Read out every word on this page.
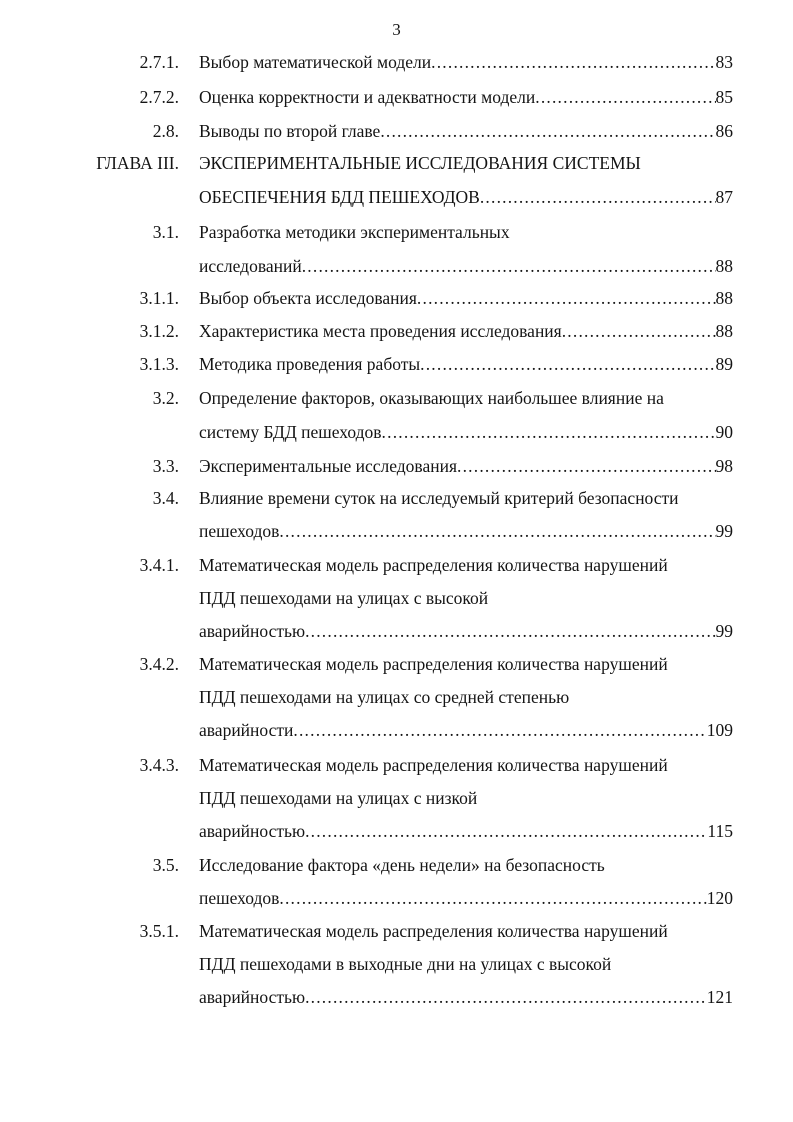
3
2.7.1. Выбор математической модели .....	83
2.7.2. Оценка корректности и адекватности модели .....	85
2.8. Выводы по второй главе .....	86
ГЛАВА III. ЭКСПЕРИМЕНТАЛЬНЫЕ ИССЛЕДОВАНИЯ СИСТЕМЫ
ОБЕСПЕЧЕНИЯ БДД ПЕШЕХОДОВ .....	87
3.1. Разработка методики экспериментальных
исследований .....	88
3.1.1. Выбор объекта исследования .....	88
3.1.2. Характеристика места проведения исследования .....	88
3.1.3. Методика проведения работы .....	89
3.2. Определение факторов, оказывающих наибольшее влияние на
систему БДД пешеходов .....	90
3.3. Экспериментальные исследования .....	98
3.4. Влияние времени суток на исследуемый критерий безопасности
пешеходов .....	99
3.4.1. Математическая модель распределения количества нарушений
ПДД пешеходами на улицах с высокой
аварийностью .....	99
3.4.2. Математическая модель распределения количества нарушений
ПДД пешеходами на улицах со средней степенью
аварийности .....	109
3.4.3. Математическая модель распределения количества нарушений
ПДД пешеходами на улицах с низкой
аварийностью .....	115
3.5. Исследование фактора «день недели» на безопасность
пешеходов .....	120
3.5.1. Математическая модель распределения количества нарушений
ПДД пешеходами в выходные дни на улицах с высокой
аварийностью .....	121
